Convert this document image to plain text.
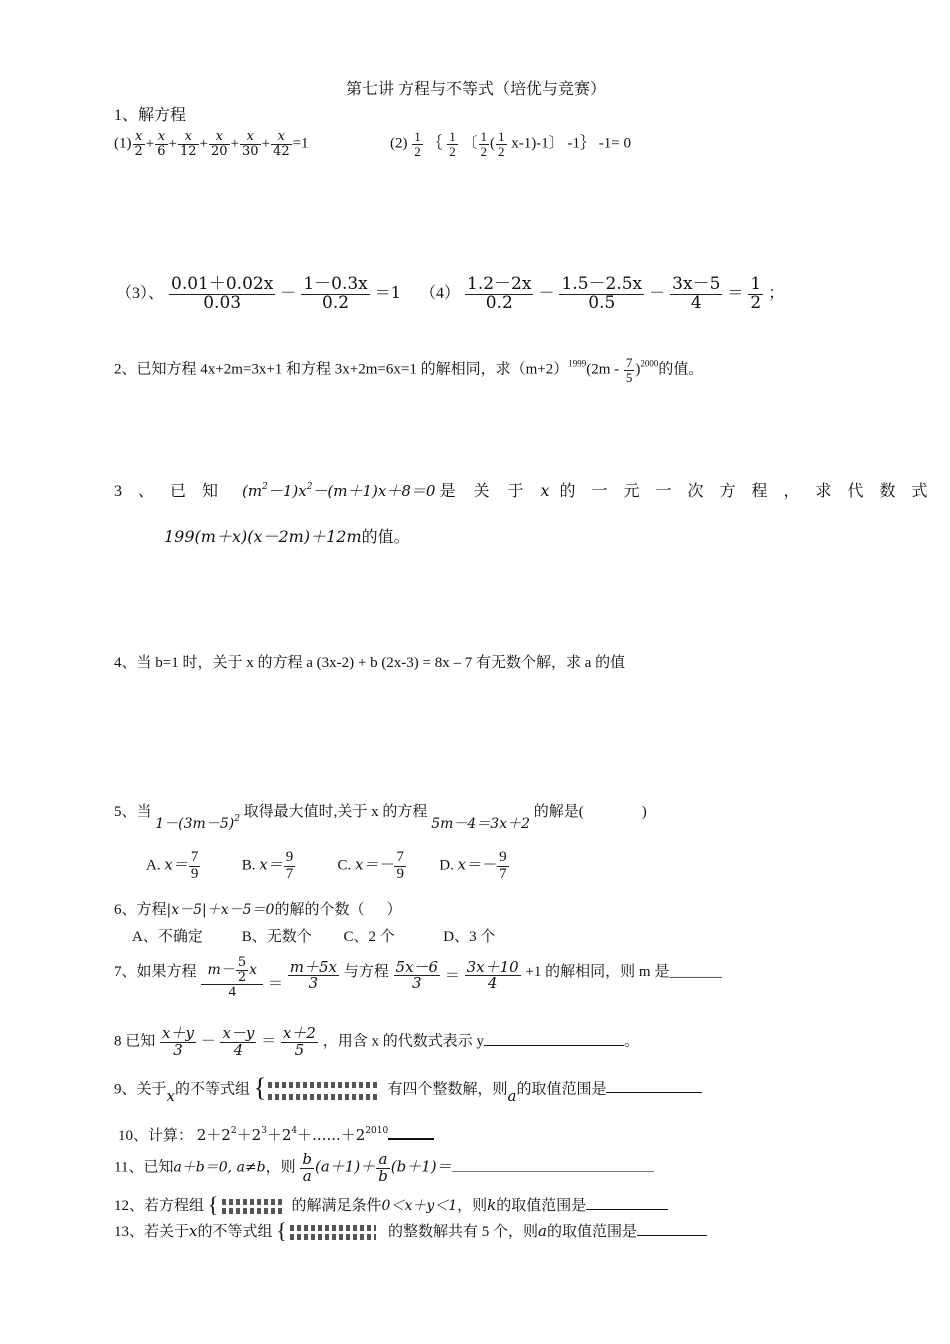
第七讲 方程与不等式（培优与竞赛）
1、解方程
$(1) \frac{x}{2} + \frac{x}{6} + \frac{x}{12} + \frac{x}{20} + \frac{x}{30} + \frac{x}{42} =1$	$(2) \frac{1}{2}$ ｛ $\frac{1}{2}$ 〔 $\frac{1}{2}$ ( $\frac{1}{2} x-1)-1$〕 -1｝ -1= 0
（3）、 $\frac{0.01+0.02x}{0.03} - \frac{1-0.3x}{0.2} =1$ $(4) \frac{1.2-2x}{0.2} - \frac{1.5-2.5x}{0.5} - \frac{3x-5}{4} = \frac{1}{2}$ ；
2、已知方程 4x+2m=3x+1 和方程 3x+2m=6x=1 的解相同，求$(m+2)^{1999}(2m - \frac{7}{5} )^{2000}$的值。
3 、 已 知 $(m^2-1)x^2-(m+1)x+8=0$ 是 关 于 x 的 一 元 一 次 方 程 ， 求 代 数 式
199(m＋x)(x－2m)＋12m的值。
4、当 b=1 时，关于 x 的方程 a (3x-2) + b (2x-3) = 8x – 7 有无数个解，求 a 的值
5、当 $1-(3m-5)^2$ 取得最大值时,关于 x 的方程 5m－4＝3x＋2 的解是(	)
A. $x= \frac{7}{9}$	B. $x= \frac{9}{7}$	C. $x=- \frac{7}{9} D$. $x=- \frac{9}{7}$
6、方程|x－5|＋x－5＝0的解的个数（ ）
A、不确定	B、无数个 C、2 个	D、3 个
7、如果方程 $\frac{m- \frac{5}{2} x}{4} = \frac{m+5x}{3}$ 与方程 $\frac{5x-6}{3} = \frac{3x+10}{4} +1$ 的解相同，则 m 是_______
8 已知 $\frac{x+y}{3} - \frac{x-y}{4} = \frac{x+2}{5}$ ，用含 x 的代数式表示 y	。
9、关于x的不等式组 {	有四个整数解，则a的取值范围是
10、计算： $2+2^2+2^3+2^4+......+2^{2010}$
11、已知a＋b＝0, a≠b，则 $\frac{b}{a} (a+1)+ \frac{a}{b} (b+1)=$
12、若方程组 {	的解满足条件0＜x＋y＜1，则k的取值范围是
13、若关于x的不等式组 {	的整数解共有 5 个，则a的取值范围是
